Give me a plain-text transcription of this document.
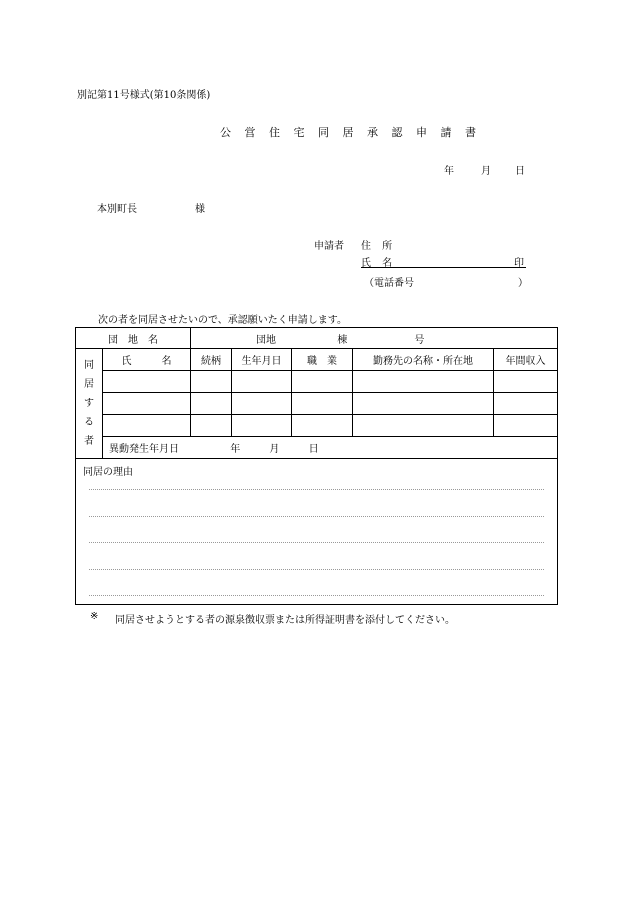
別記第11号様式(第10条関係)
公 営 住 宅 同 居 承 認 申 請 書
年	月 日
本別町長	様
申請者 住 所
氏 名	印
（電話番号	）
次の者を同居させたいので、承認願いたく申請します。
団　地　名		団地 棟 号				

同
居
す
る
者	氏　　　名	続柄	生年月日	職　業	勤務先の名称・所在地	年間収入

	異動発生年月日 年 月 日					

同居の理由						
※ 同居させようとする者の源泉徴収票または所得証明書を添付してください。
